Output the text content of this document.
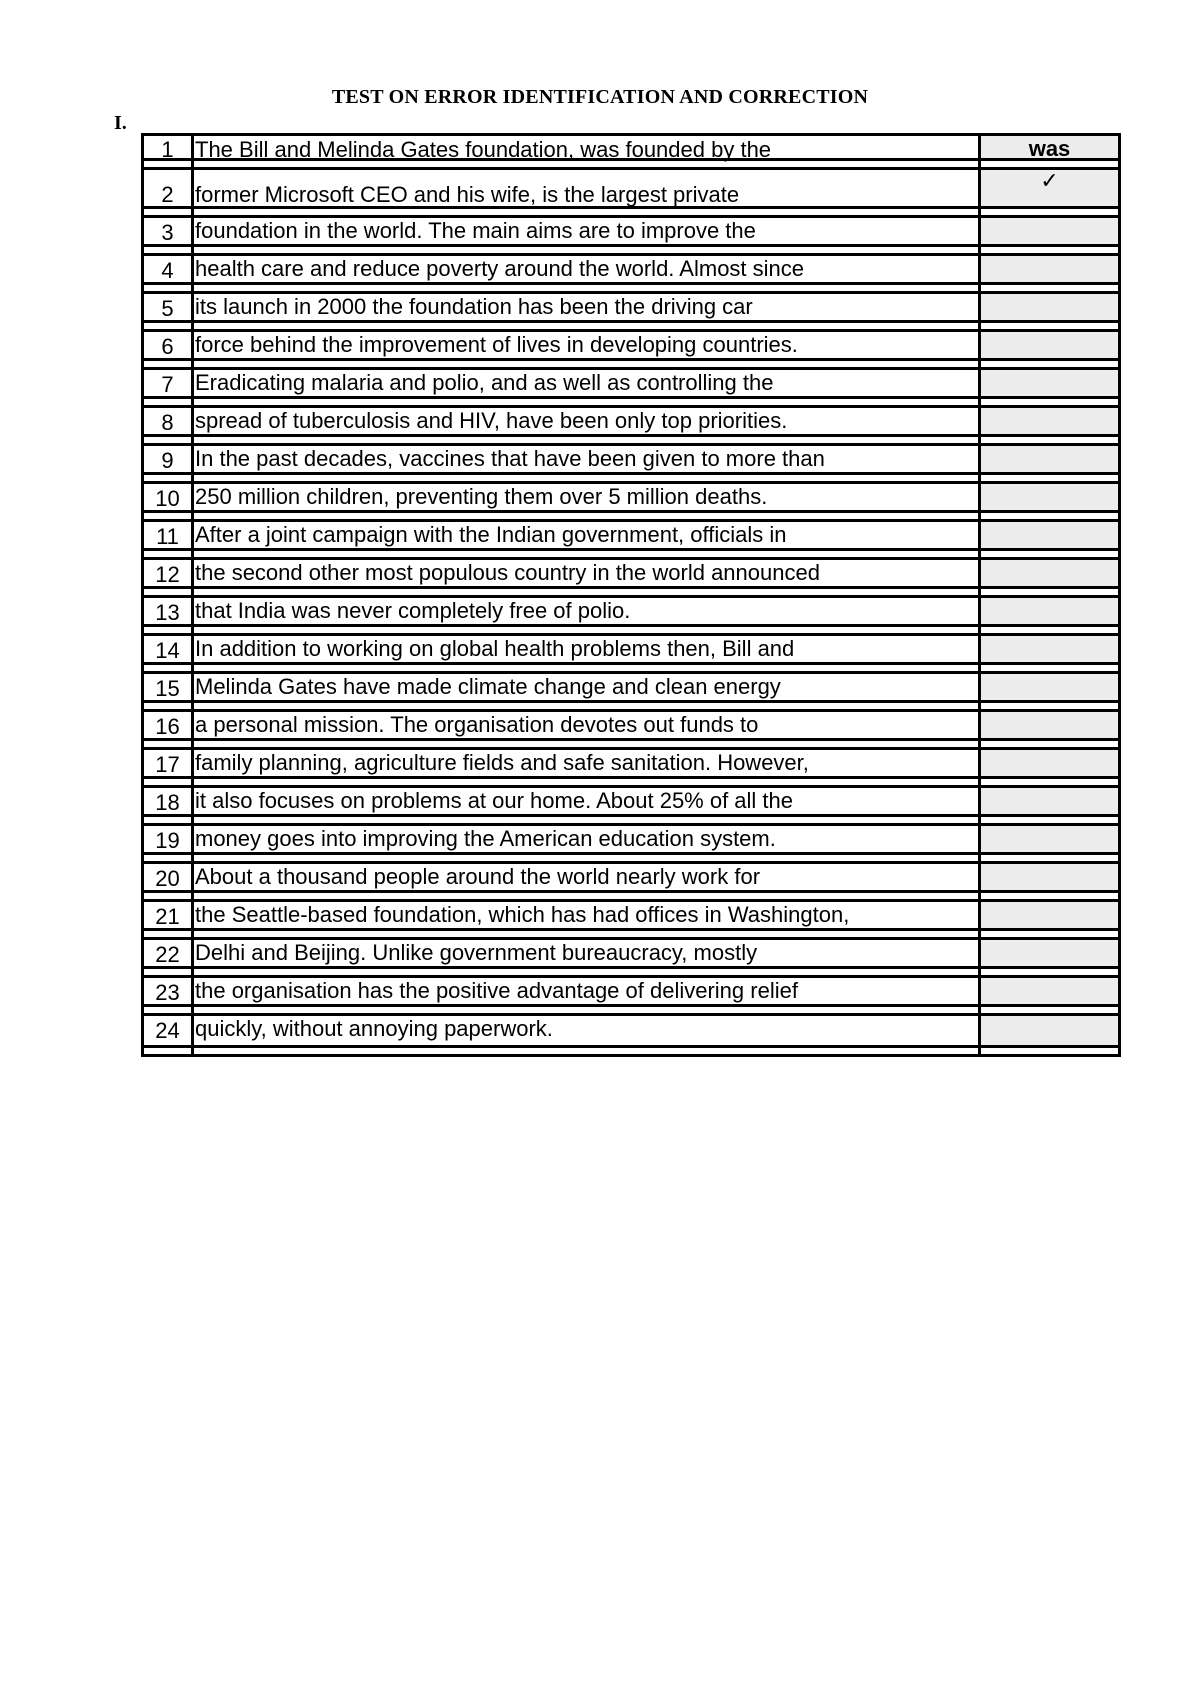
TEST ON ERROR IDENTIFICATION AND CORRECTION
I.
1 The Bill and Melinda Gates foundation, was founded by the	was
2 former Microsoft CEO and his wife, is the largest private
✓
3 foundation in the world. The main aims are to improve the
4 health care and reduce poverty around the world. Almost since
5 its launch in 2000 the foundation has been the driving car
6 force behind the improvement of lives in developing countries.
7 Eradicating malaria and polio, and as well as controlling the
8 spread of tuberculosis and HIV, have been only top priorities.
9 In the past decades, vaccines that have been given to more than
10 250 million children, preventing them over 5 million deaths.
11 After a joint campaign with the Indian government, officials in
12 the second other most populous country in the world announced
13 that India was never completely free of polio.
14 In addition to working on global health problems then, Bill and
15 Melinda Gates have made climate change and clean energy
16 a personal mission. The organisation devotes out funds to
17 family planning, agriculture fields and safe sanitation. However,
18 it also focuses on problems at our home. About 25% of all the
19 money goes into improving the American education system.
20 About a thousand people around the world nearly work for
21 the Seattle-based foundation, which has had offices in Washington,
22 Delhi and Beijing. Unlike government bureaucracy, mostly
23 the organisation has the positive advantage of delivering relief
24 quickly, without annoying paperwork.
